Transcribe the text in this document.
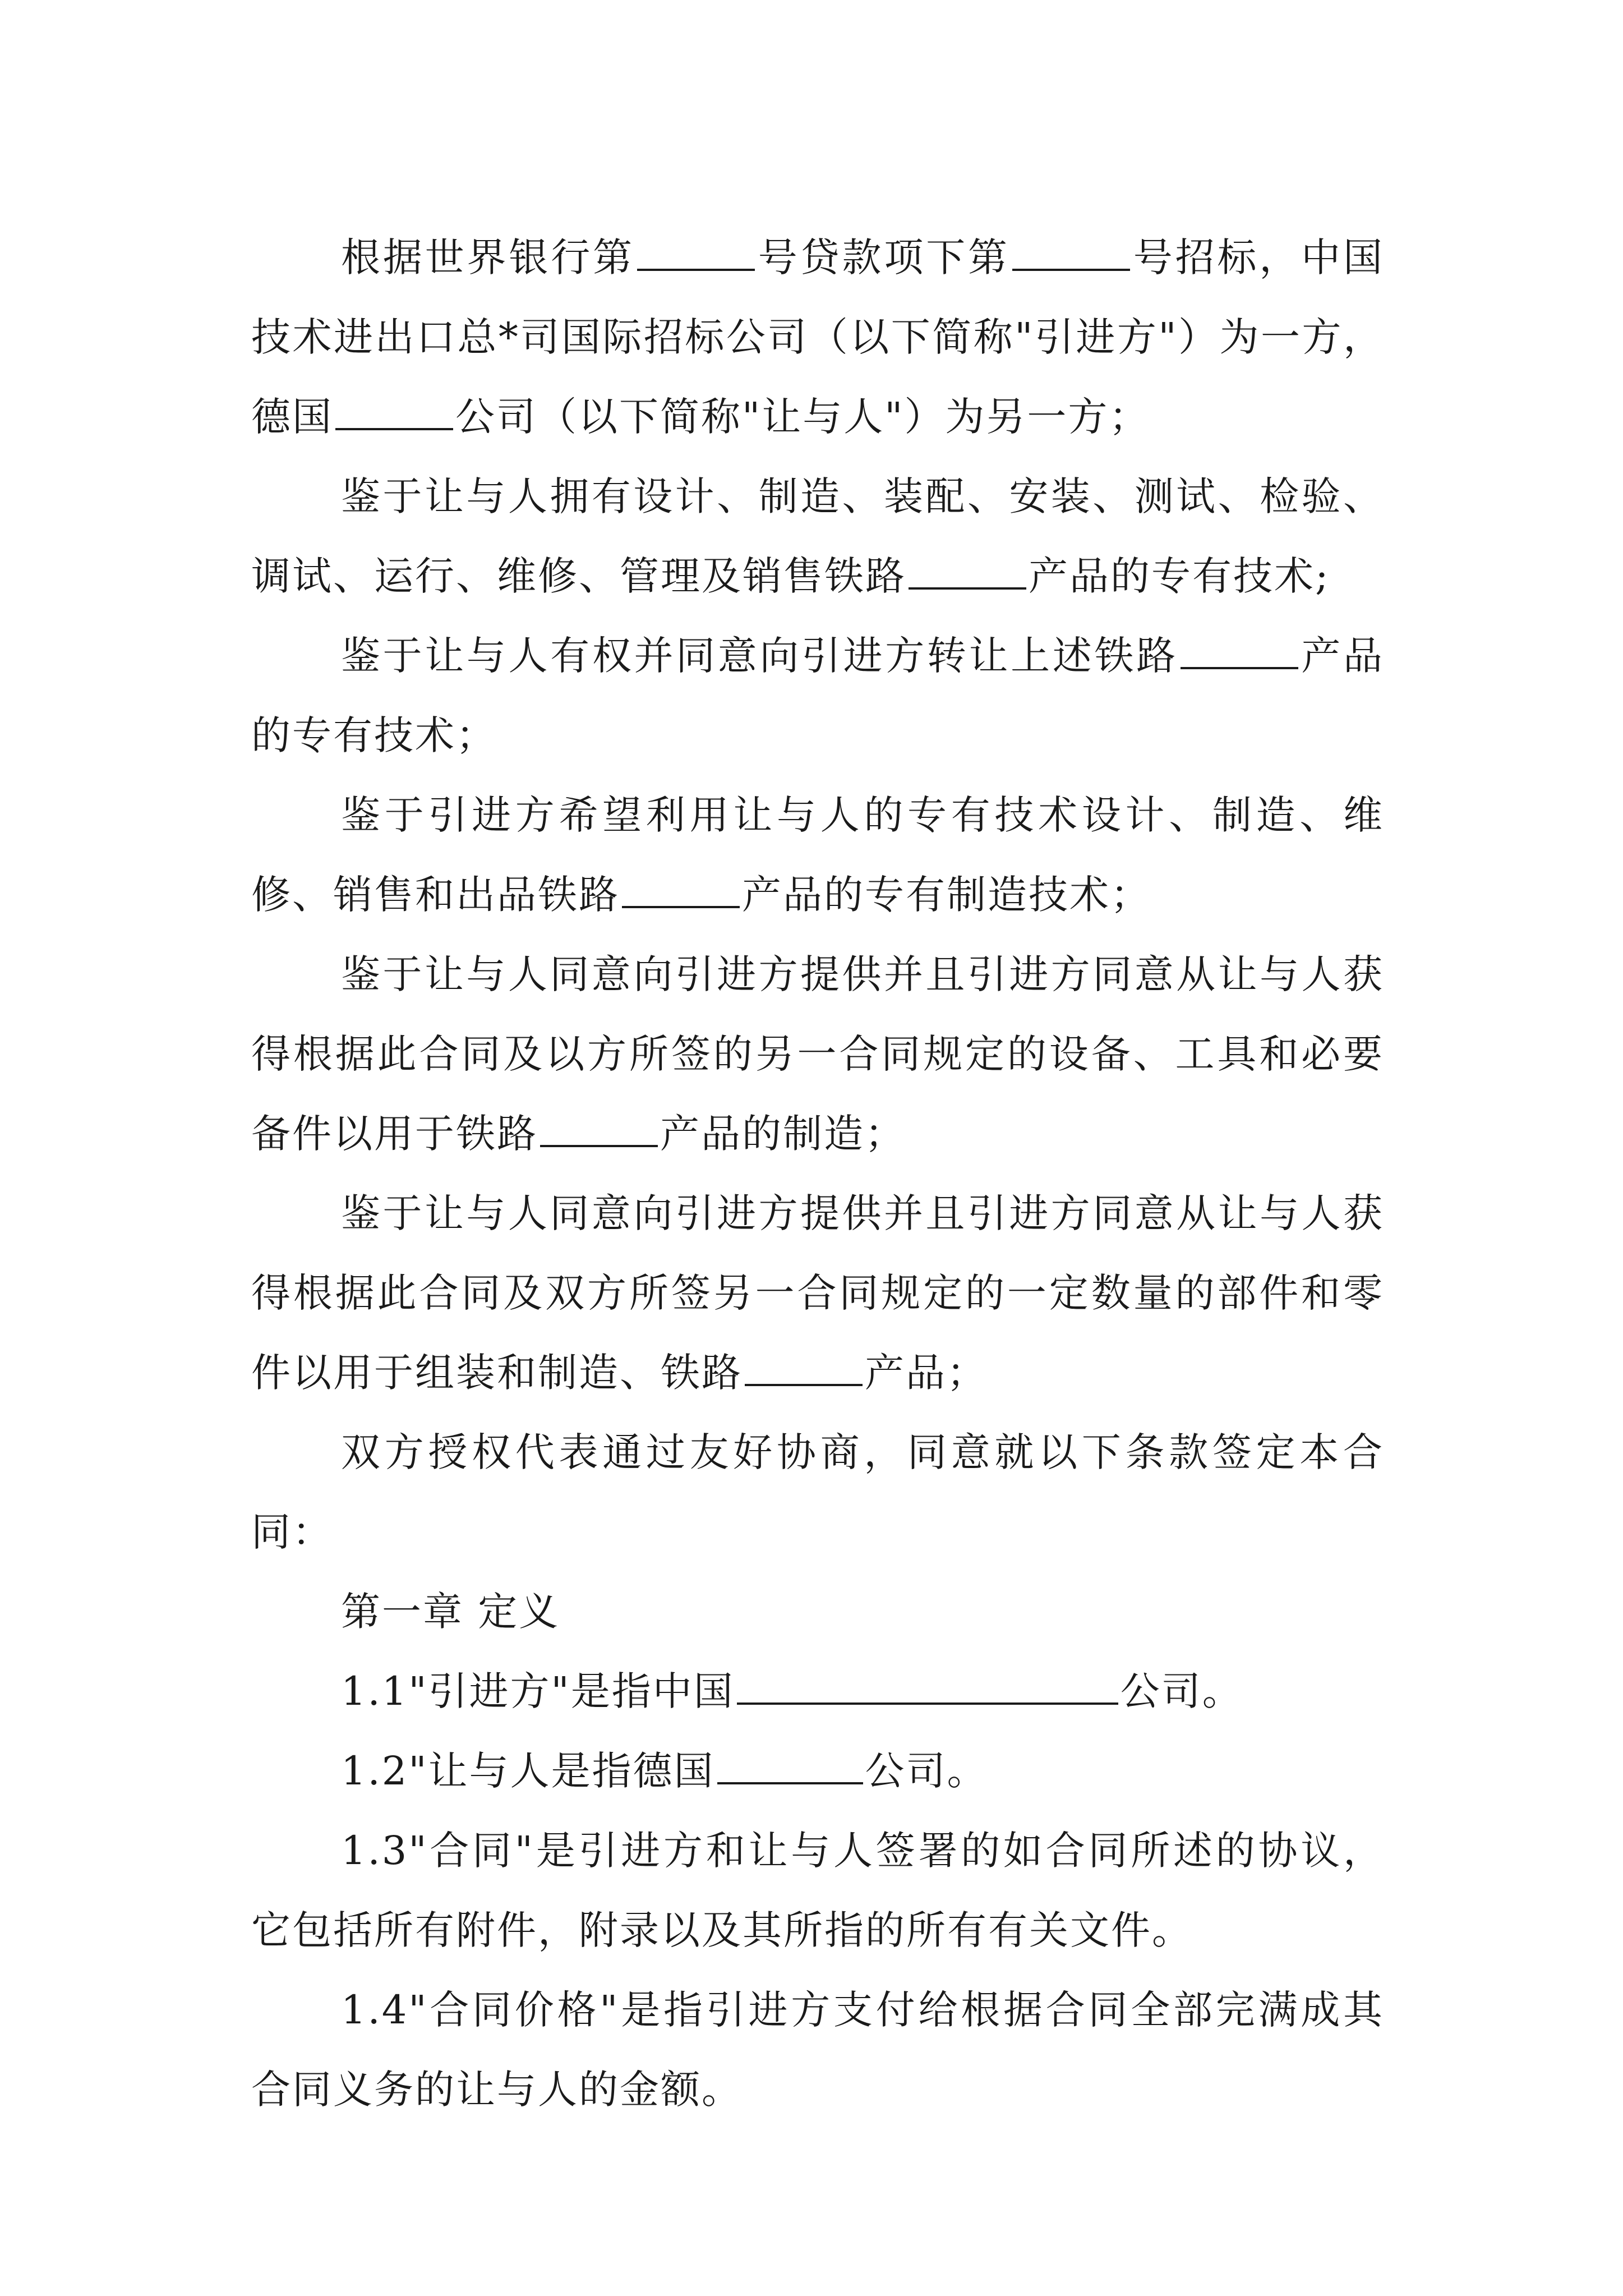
根据世界银行第	号贷款项下第	号招标，中国技术进出口总*司国际招标公司（以下简称"引进方"）为一方，德国	公司（以下简称"让与人"）为另一方；

鉴于让与人拥有设计、制造、装配、安装、测试、检验、调试、运行、维修、管理及销售铁路	产品的专有技术;

鉴于让与人有权并同意向引进方转让上述铁路	产品的专有技术；

鉴于引进方希望利用让与人的专有技术设计、制造、维修、销售和出品铁路	产品的专有制造技术；

鉴于让与人同意向引进方提供并且引进方同意从让与人获得根据此合同及以方所签的另一合同规定的设备、工具和必要备件以用于铁路	产品的制造；

鉴于让与人同意向引进方提供并且引进方同意从让与人获得根据此合同及双方所签另一合同规定的一定数量的部件和零件以用于组装和制造、铁路	产品；

双方授权代表通过友好协商，同意就以下条款签定本合同：

第一章 定义

1.1"引进方"是指中国	公司。

1.2"让与人是指德国	公司。

1.3"合同"是引进方和让与人签署的如合同所述的协议，它包括所有附件，附录以及其所指的所有有关文件。

1.4"合同价格"是指引进方支付给根据合同全部完满成其合同义务的让与人的金额。
